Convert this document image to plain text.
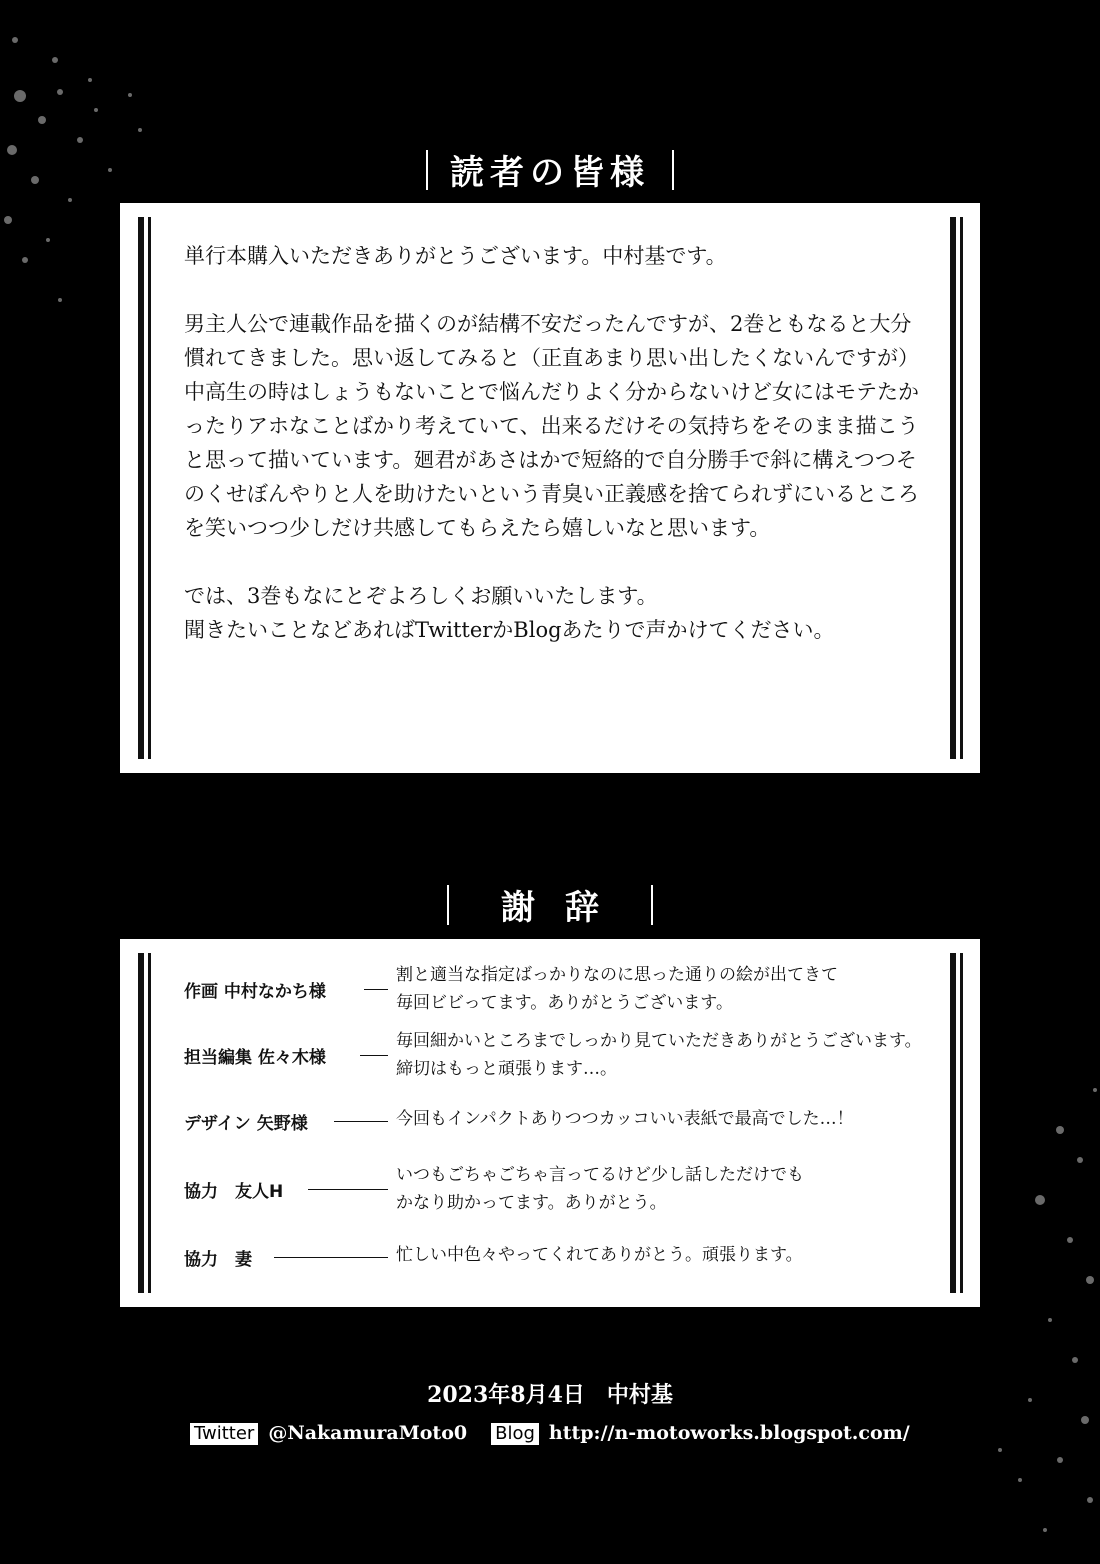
読者の皆様

単行本購入いただきありがとうございます。中村基です。

男主人公で連載作品を描くのが結構不安だったんですが、2巻ともなると大分慣れてきました。思い返してみると（正直あまり思い出したくないんですが）中高生の時はしょうもないことで悩んだりよく分からないけど女にはモテたかったりアホなことばかり考えていて、出来るだけその気持ちをそのまま描こうと思って描いています。廻君があさはかで短絡的で自分勝手で斜に構えつつそのくせぼんやりと人を助けたいという青臭い正義感を捨てられずにいるところを笑いつつ少しだけ共感してもらえたら嬉しいなと思います。

では、3巻もなにとぞよろしくお願いいたします。

聞きたいことなどあればTwitterかBlogあたりで声かけてください。

謝辞
作画 中村なかち様
割と適当な指定ばっかりなのに思った通りの絵が出てきて
毎回ビビってます。ありがとうございます。
担当編集 佐々木様
毎回細かいところまでしっかり見ていただきありがとうございます。
締切はもっと頑張ります…。
デザイン 矢野様	今回もインパクトありつつカッコいい表紙で最高でした…！
協力　友人H
いつもごちゃごちゃ言ってるけど少し話しただけでも
かなり助かってます。ありがとう。
協力　妻	忙しい中色々やってくれてありがとう。頑張ります。
2023年8月4日　中村基
Twitter @NakamuraMoto0 Blog http://n-motoworks.blogspot.com/
